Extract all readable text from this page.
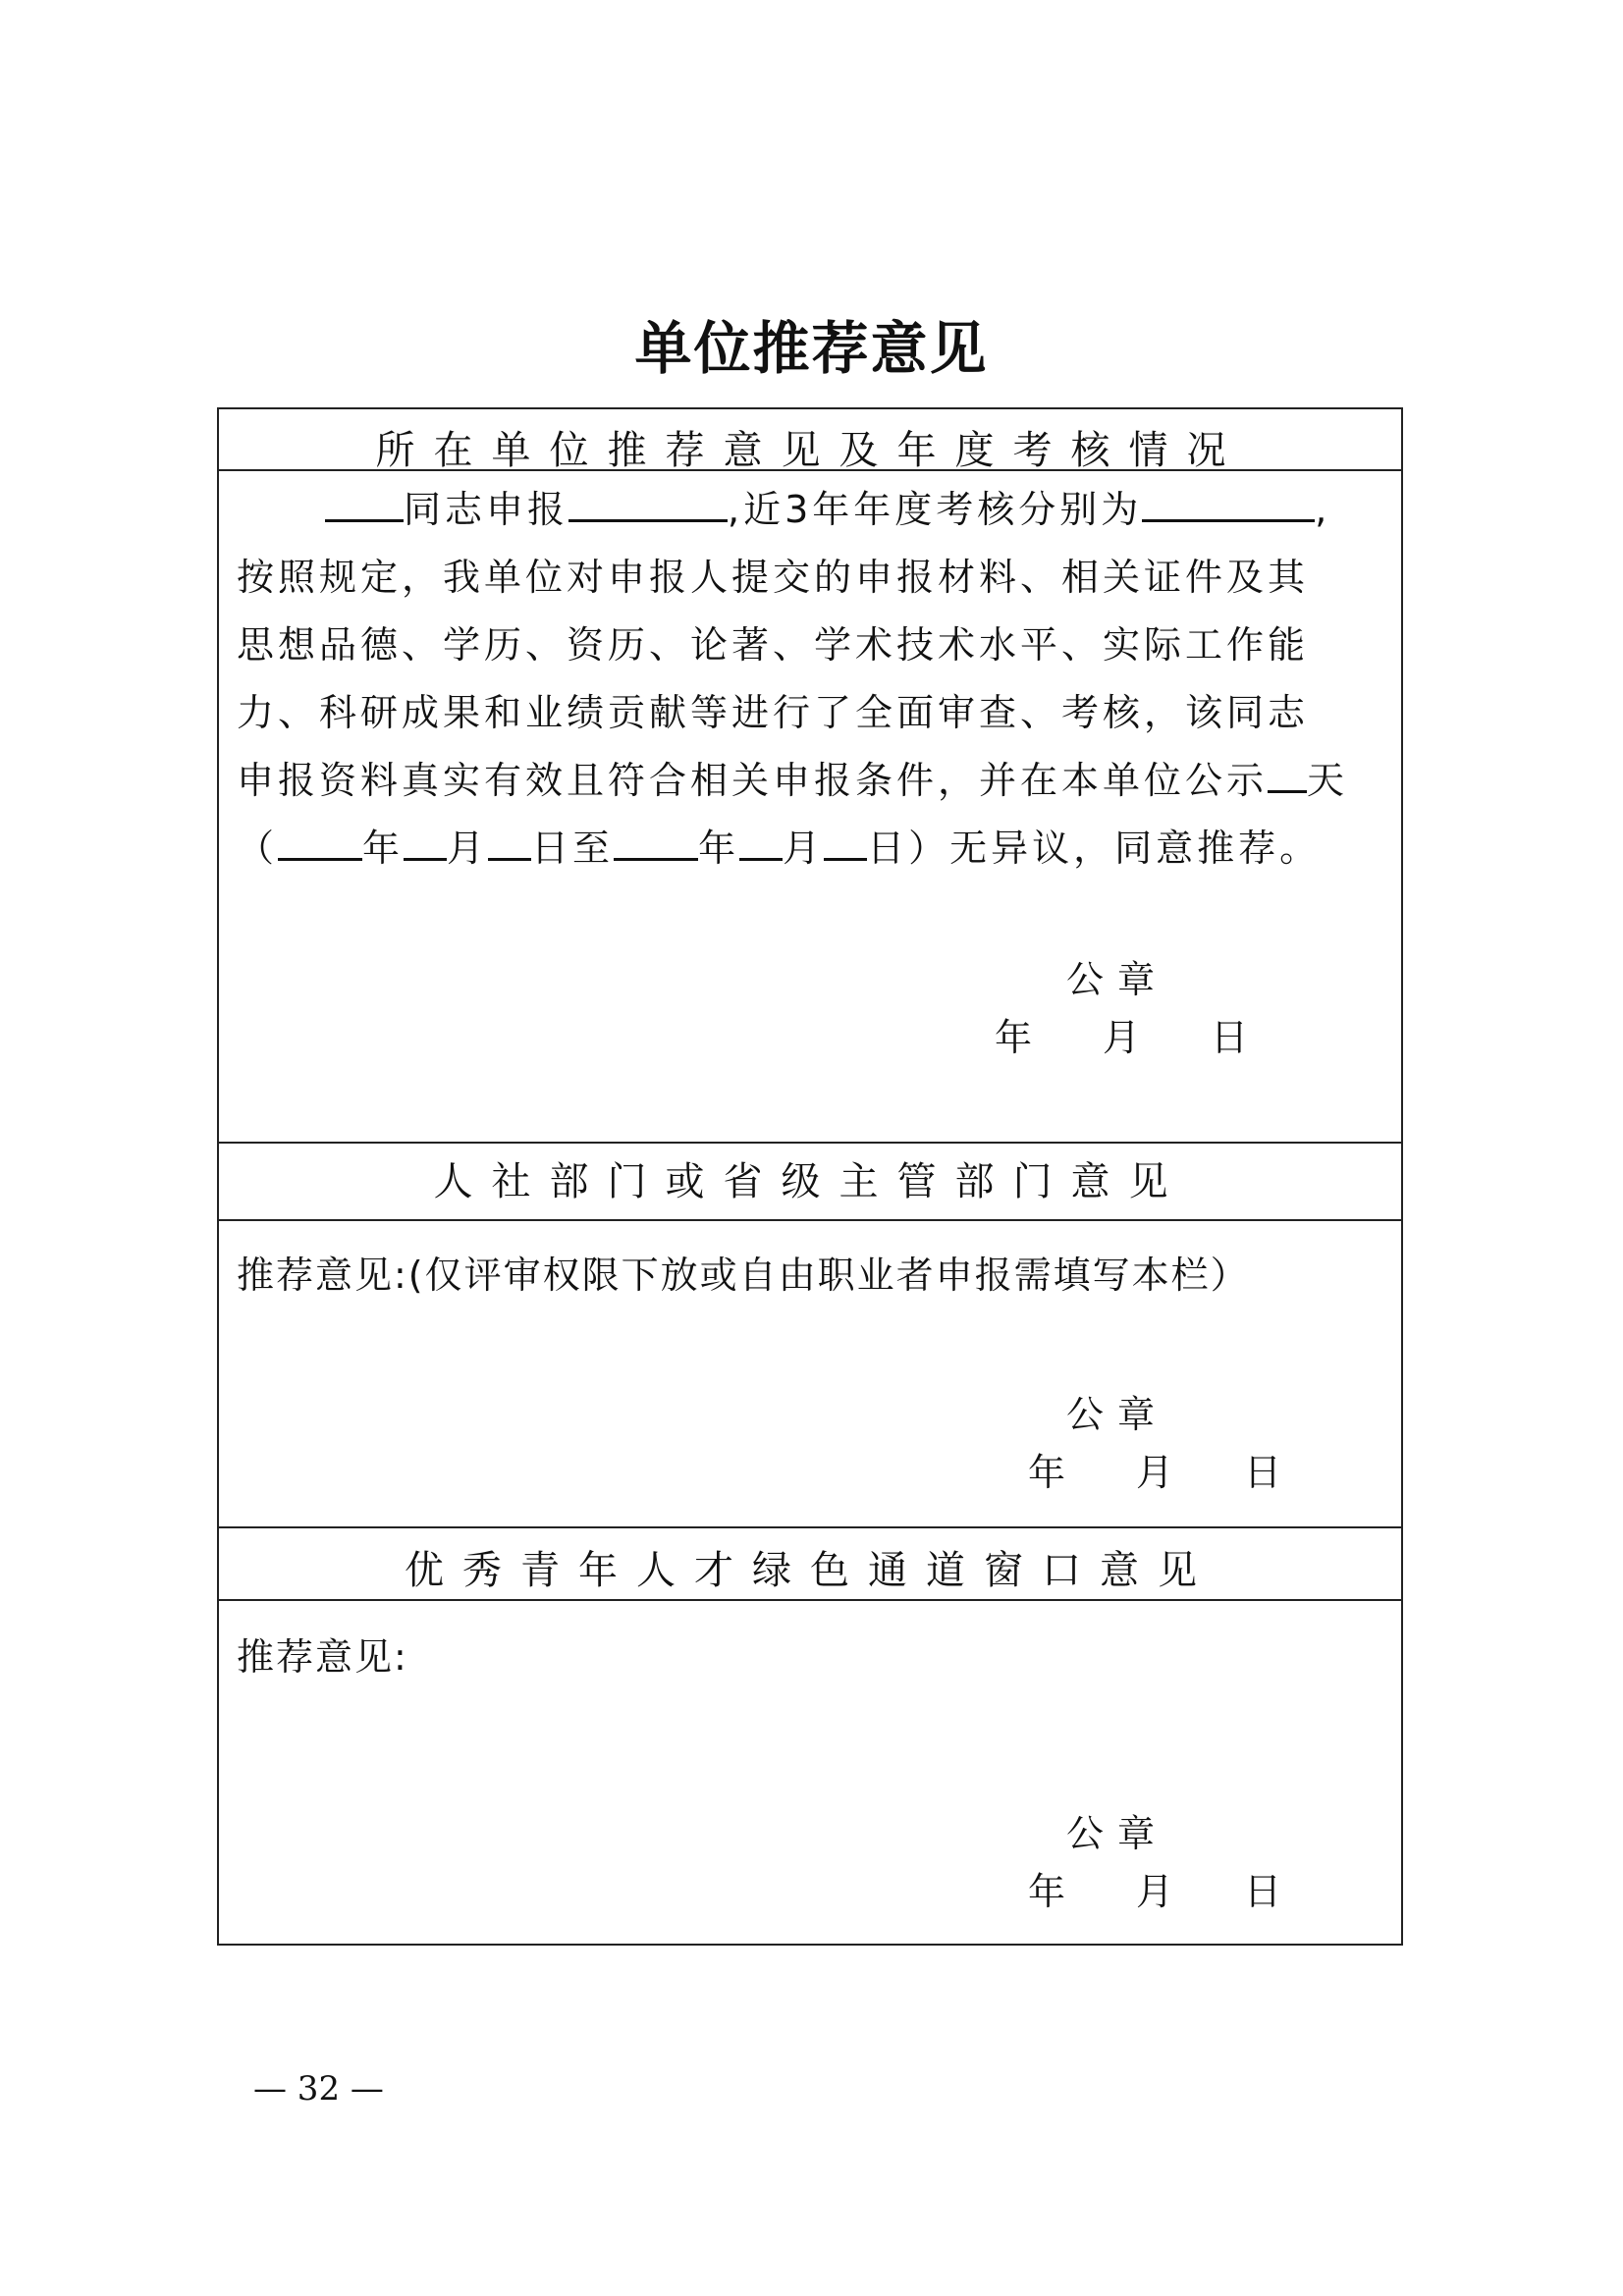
单位推荐意见
所在单位推荐意见及年度考核情况
同志申报	,近3年年度考核分别为	,
按照规定，我单位对申报人提交的申报材料、相关证件及其
思想品德、学历、资历、论著、学术技术水平、实际工作能
力、科研成果和业绩贡献等进行了全面审查、考核，该同志
申报资料真实有效且符合相关申报条件，并在本单位公示 天
（ 年 月 日至 年 月 日）无异议，同意推荐。
公章
年 月 日
人社部门或省级主管部门意见
推荐意见:(仅评审权限下放或自由职业者申报需填写本栏）
公章
年 月 日
优秀青年人才绿色通道窗口意见
推荐意见:
公章
年 月 日
— 32 —
